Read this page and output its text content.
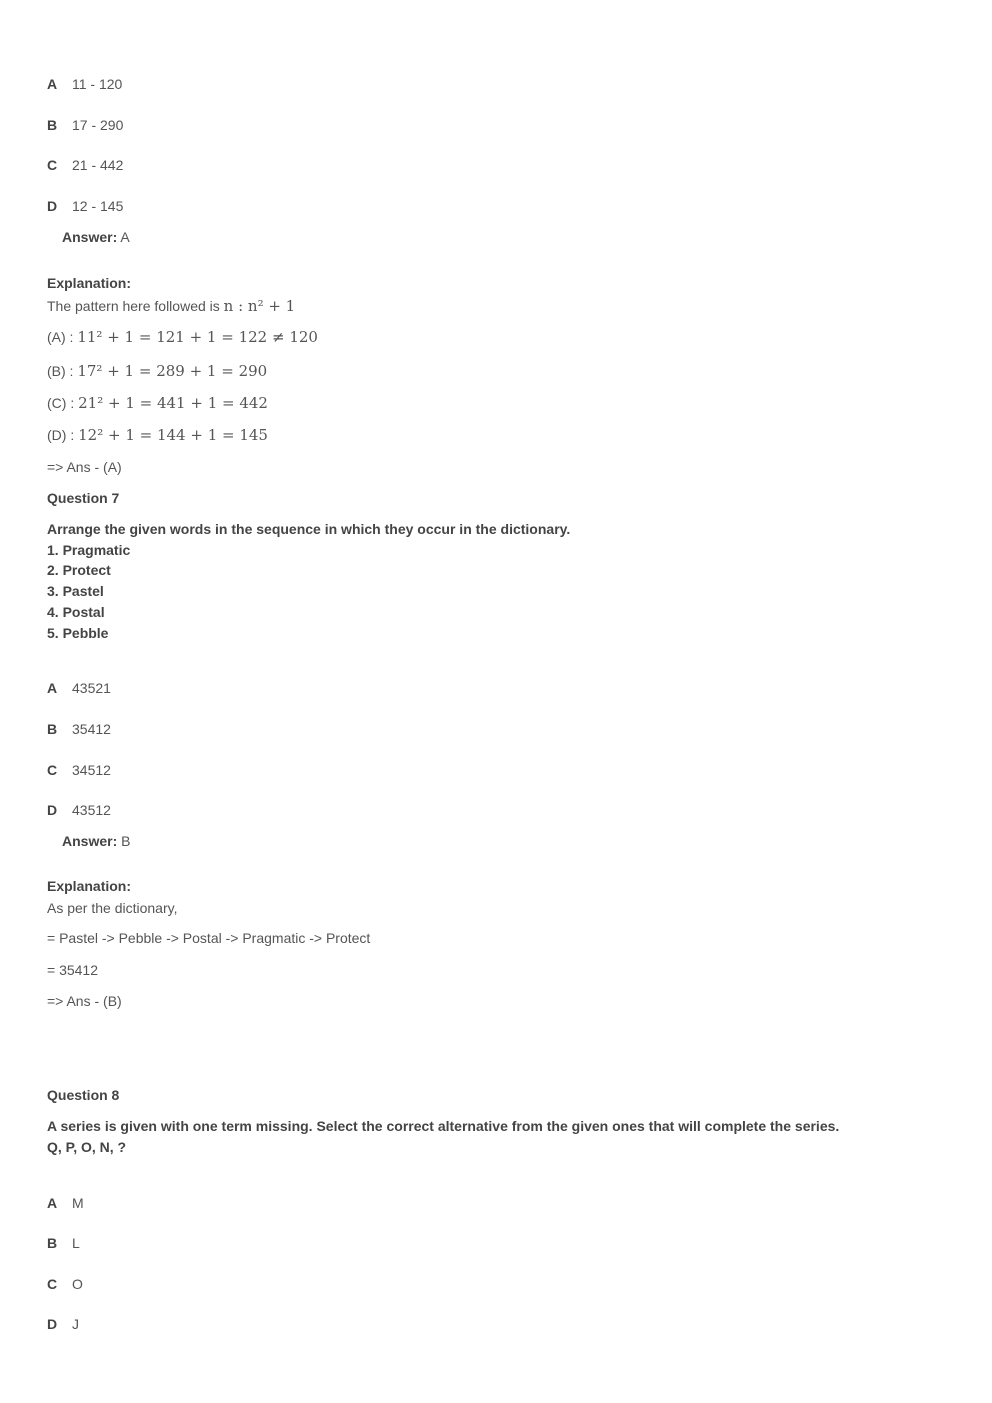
A 11 - 120
B 17 - 290
C 21 - 442
D 12 - 145
Answer: A
Explanation:
The pattern here followed is n : n² + 1
(A) : 11² + 1 = 121 + 1 = 122 ≠ 120
(B) : 17² + 1 = 289 + 1 = 290
(C) : 21² + 1 = 441 + 1 = 442
(D) : 12² + 1 = 144 + 1 = 145
=> Ans - (A)
Question 7
Arrange the given words in the sequence in which they occur in the dictionary.
1. Pragmatic
2. Protect
3. Pastel
4. Postal
5. Pebble
A 43521
B 35412
C 34512
D 43512
Answer: B
Explanation:
As per the dictionary,
= Pastel -> Pebble -> Postal -> Pragmatic -> Protect
= 35412
=> Ans - (B)
Question 8
A series is given with one term missing. Select the correct alternative from the given ones that will complete the series.
Q, P, O, N, ?
A M
B L
C O
D J
